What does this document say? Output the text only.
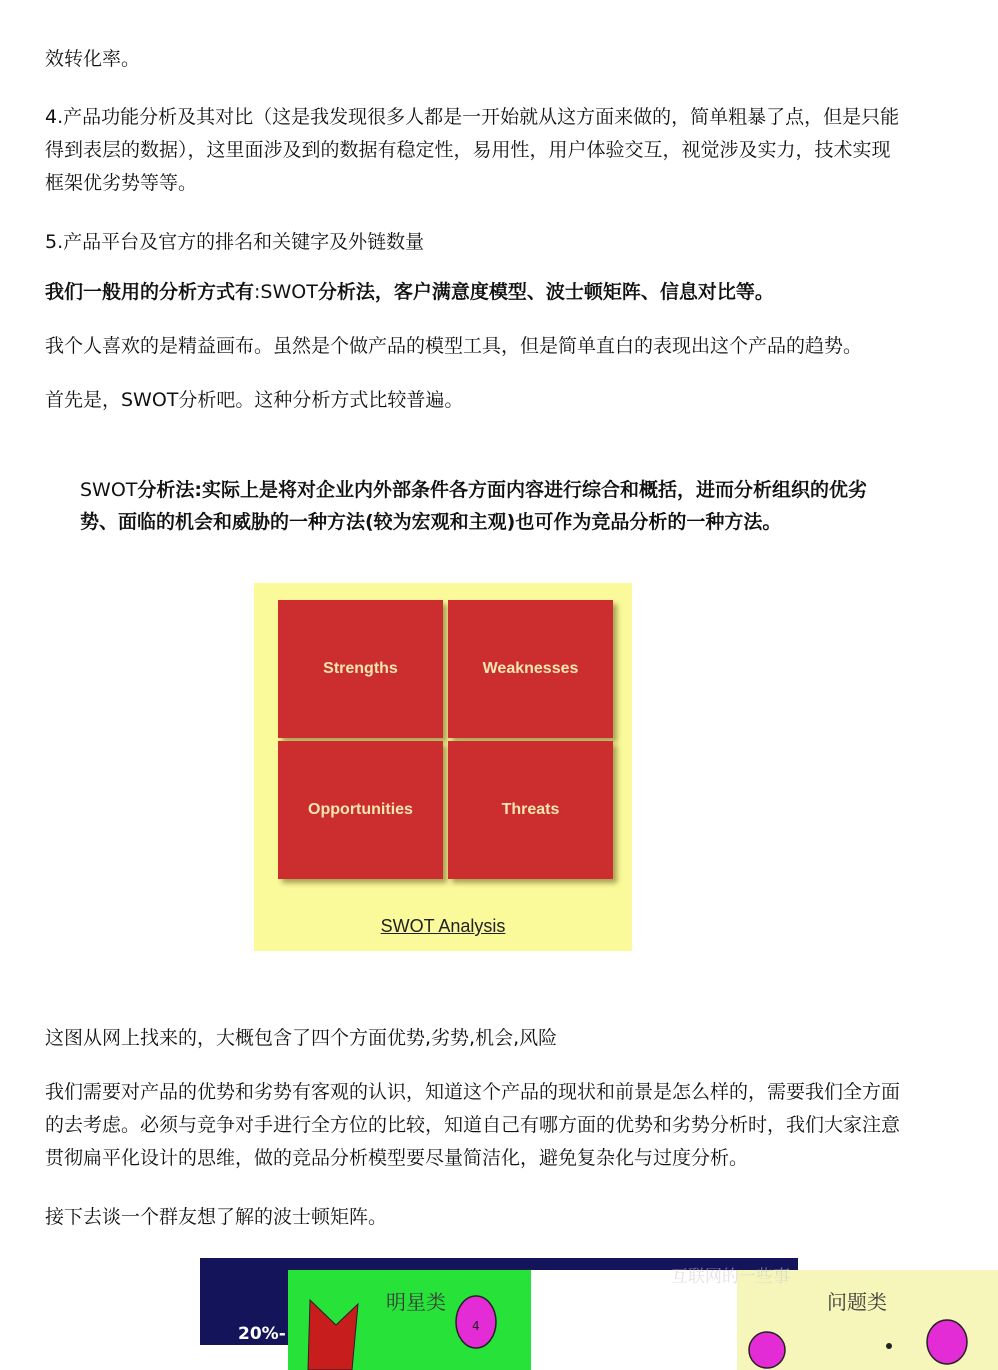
效转化率。

4.产品功能分析及其对比（这是我发现很多人都是一开始就从这方面来做的，简单粗暴了点，但是只能得到表层的数据），这里面涉及到的数据有稳定性，易用性，用户体验交互，视觉涉及实力，技术实现框架优劣势等等。

5.产品平台及官方的排名和关键字及外链数量

我们一般用的分析方式有:SWOT分析法，客户满意度模型、波士顿矩阵、信息对比等。

我个人喜欢的是精益画布。虽然是个做产品的模型工具，但是简单直白的表现出这个产品的趋势。

首先是，SWOT分析吧。这种分析方式比较普遍。

SWOT分析法:实际上是将对企业内外部条件各方面内容进行综合和概括，进而分析组织的优劣势、面临的机会和威胁的一种方法(较为宏观和主观)也可作为竞品分析的一种方法。

Strengths	Weaknesses
Opportunities	Threats
SWOT Analysis

这图从网上找来的，大概包含了四个方面优势,劣势,机会,风险

我们需要对产品的优势和劣势有客观的认识，知道这个产品的现状和前景是怎么样的，需要我们全方面的去考虑。必须与竞争对手进行全方位的比较，知道自己有哪方面的优势和劣势分析时，我们大家注意贯彻扁平化设计的思维，做的竞品分析模型要尽量简洁化，避免复杂化与过度分析。

接下去谈一个群友想了解的波士顿矩阵。

20%-	4
明星类	问题类
互联网的一些事
